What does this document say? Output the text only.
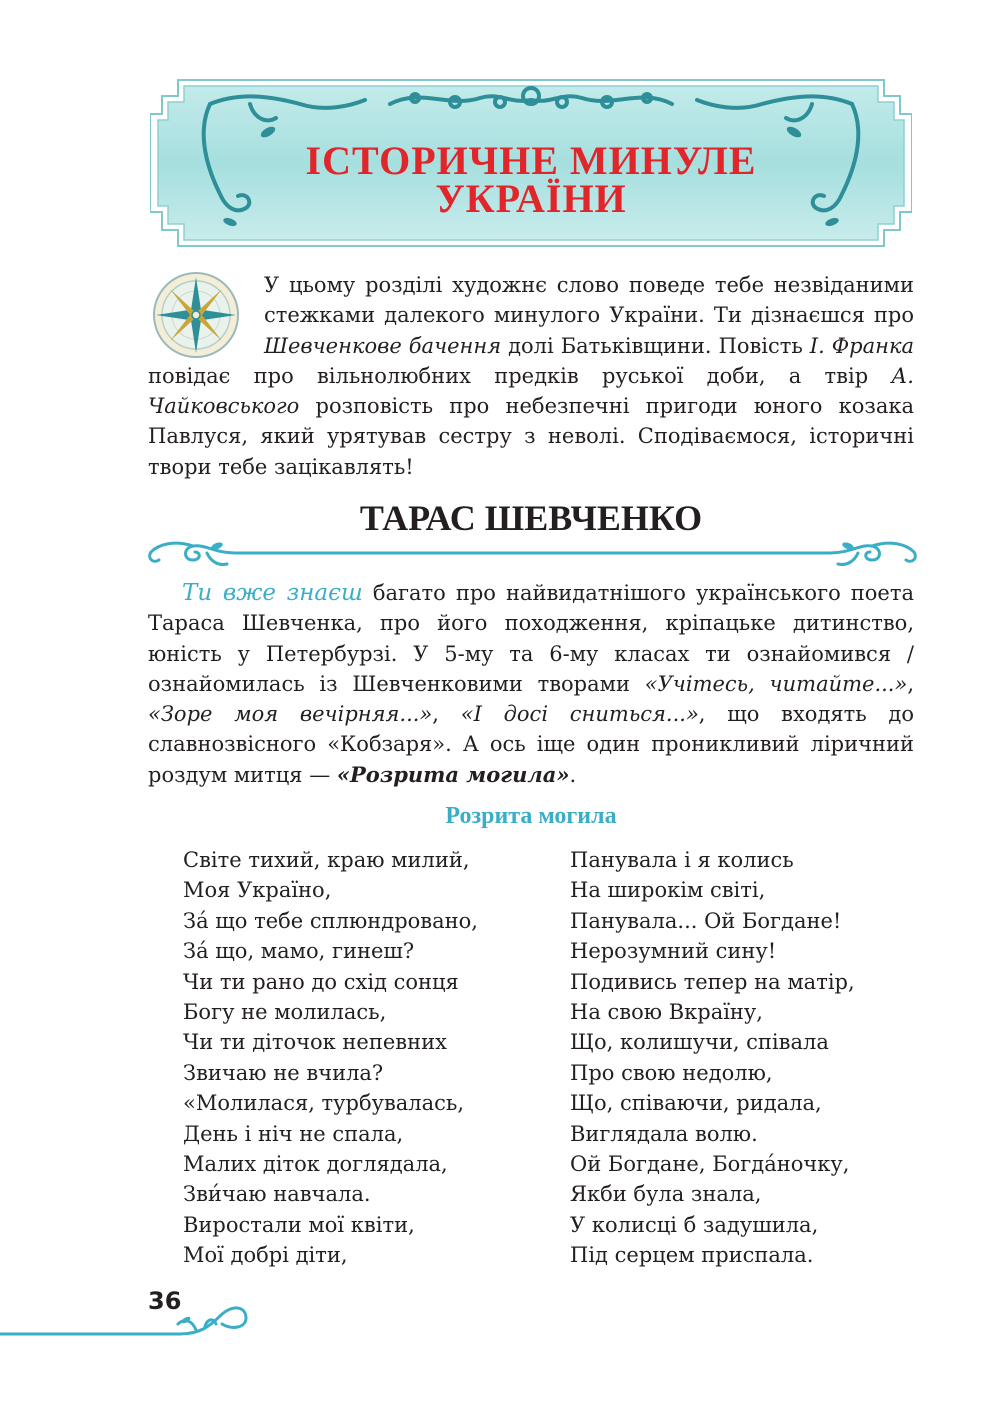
ІСТОРИЧНЕ МИНУЛЕ
УКРАЇНИ

У цьому розділі художнє слово поведе тебе незвіданими стежками далекого минулого України. Ти дізнаєшся про Шевченкове бачення долі Батьківщини. Повість І. Франка повідає про вільнолюбних предків руської доби, а твір А. Чайковського розповість про небезпечні пригоди юного козака Павлуся, який урятував сестру з неволі. Сподіваємося, історичні твори тебе зацікавлять!

ТАРАС ШЕВЧЕНКО

Ти вже знаєш багато про найвидатнішого українського поета Тараса Шевченка, про його походження, кріпацьке дитинство, юність у Петербурзі. У 5-му та 6-му класах ти ознайомився / ознайомилась із Шевченковими творами «Учітесь, читайте...», «Зоре моя вечірняя...», «І досі сниться...», що входять до славнозвісного «Кобзаря». А ось іще один проникливий ліричний роздум митця — «Розрита могила».

Розрита могила
Світе тихий, краю милий,
Моя Україно,
За́ що тебе сплюндровано,
За́ що, мамо, гинеш?
Чи ти рано до схід сонця
Богу не молилась,
Чи ти діточок непевних
Звичаю не вчила?
«Молилася, турбувалась,
День і ніч не спала,
Малих діток доглядала,
Зви́чаю навчала.
Виростали мої квіти,
Мої добрі діти,
Панувала і я колись
На широкім світі,
Панувала... Ой Богдане!
Нерозумний сину!
Подивись тепер на матір,
На свою Вкраїну,
Що, колишучи, співала
Про свою недолю,
Що, співаючи, ридала,
Виглядала волю.
Ой Богдане, Богда́ночку,
Якби була знала,
У колисці б задушила,
Під серцем приспала.
36
